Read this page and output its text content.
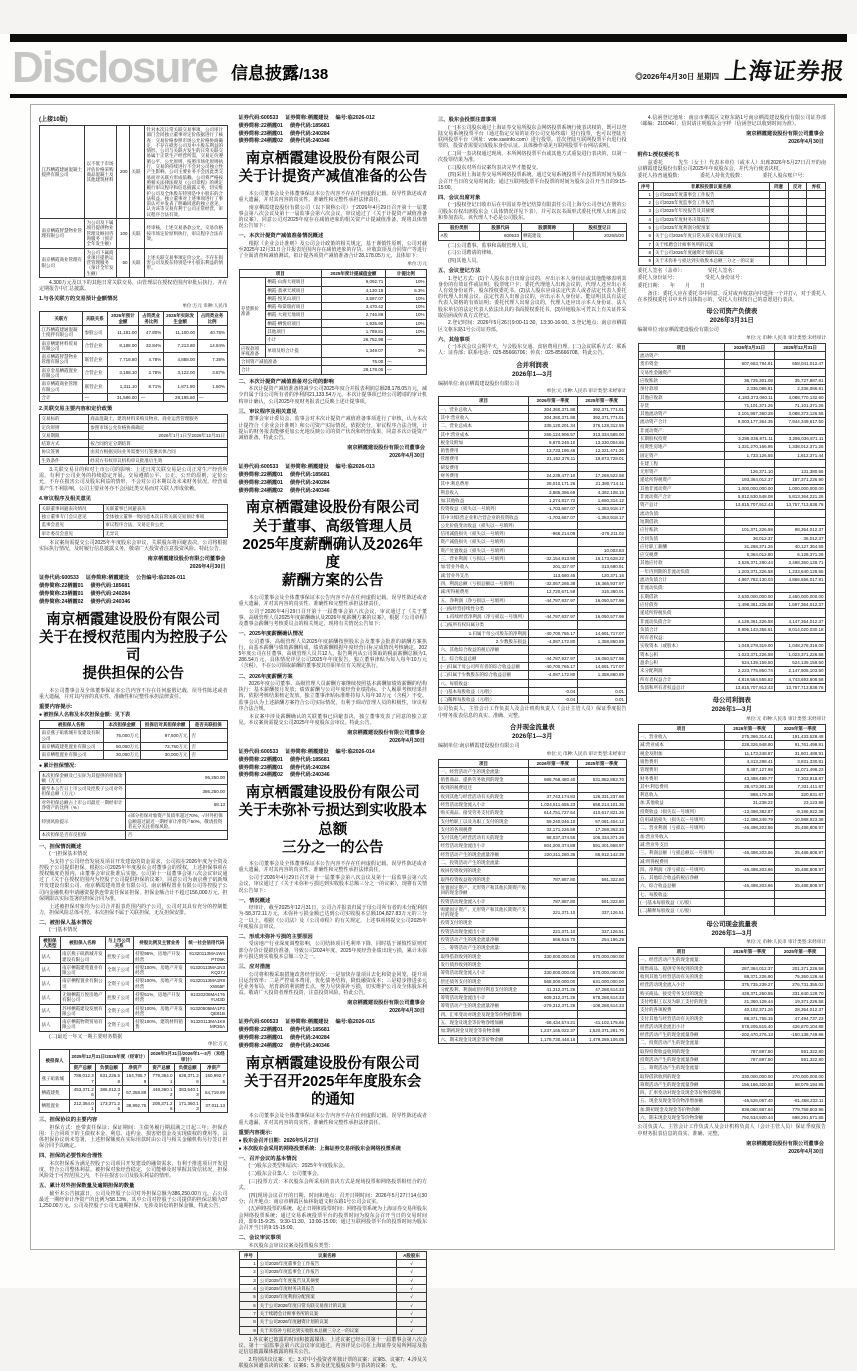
Disclosure 信息披露/138	◎2026年4月30日 星期四 上海证券报
(上接10版)
江苏栖霞建通混凝土搅拌有限公司	以不低于市场评估价格采购商品混凝土及其他建筑材料	200	关联	针对本次日常关联交易事项，公司审计部门会同独立董事对定价依据进行了核查：交易价格参照市场公允价格协商确定，不存在损害公司及中小股东利益的情形。公司与关联方发生的日常关联交易属于正常生产经营所需，交易定价遵循公平、公允原则，按照市场化原则执行，交易的持续进行不会对公司独立性产生影响，公司主要业务不会因此类交易而对关联方形成依赖。公司将严格按照相关法律法规及《公司章程》的规定履行审议程序和信息披露义务，切实维护公司及全体股东特别是中小股东的合法权益。独立董事对上述事项进行了事前认可并发表了明确同意的独立意见，认为该等交易有利于公司正常经营，审议程序合法有效。
南京栖霞智慧物业管理有限公司	为公司及下属项目提供物业管理及顾问咨询服务（预计全年发生额）	100	关联	经审核，上述交易条款公允，交易价格按市场定价原则执行，审议程序合法有效。
南京栖霞商业管理有限公司	为公司下属商业项目提供运营管理服务（预计全年发生额）	50	关联	上述关联交易事项定价公允，不存在损害公司及股东特别是中小股东利益的情形。
　　4.300万元及以下的其他日常关联交易，由管理层在授权范围内审批后执行，并在定期报告中汇总披露。
1.与各关联方的交易预计金额情况
单位:万元 币种:人民币
关联方	关联关系	2026年预计金额	占同类业务比例	2025年实际发生金额	占同类业务比例
江苏栖霞建通混凝土搅拌有限公司	参股公司	11,181.00	47.80%	11,100.00	40.78%
南京栖建材料贸易有限公司	合营企业	8,188.00	32.84%	7,213.80	14.84%
南京栖霞智慧物业管理有限公司	联营企业	7,718.80	4.78%	4,888.00	7.38%
南京金基栖霞置业有限公司	合营企业	3,188.10	2.78%	3,122.00	3.87%
南京栖霞商业管理有限公司	联营企业	1,311.10	8.71%	1,871.80	1.80%
合计	—	31,586.00	—	28,195.60	—
2.关联交易主要内容和定价政策
交易标的	商品混凝土、建筑材料采购及物业、商业运营管理服务
定价原则	参照市场公允价格协商确定
交易期限	2026年1月1日至2026年12月31日
结算方式	按合同约定分期结算
协议签署	由双方根据实际业务需要另行签署具体合同
生效条件	经双方有权审议机构审议批准后生效
　　3.关联交易目的和对上市公司的影响：上述日常关联交易是公司正常生产经营所需，有利于公司业务的持续稳定开展。交易遵循公平、公正、公开的原则，定价公允，不存在损害公司及股东利益的情形，不会对公司本期以及未来财务状况、经营成果产生不利影响，公司主要业务亦不会因此类交易而对关联人形成依赖。
4.审议程序及相关意见
关联董事回避表决情况	关联董事已回避表决
独立董事专门会议意见	全体独立董事一致同意本次日常关联交易预计事项
监事会意见	审议程序合法，交易定价公允
审计委员会意见	无异议
　　本议案尚需提交公司2025年年度股东会审议，关联股东将回避表决。公司将根据实际执行情况，及时履行信息披露义务，敬请广大投资者注意投资风险。特此公告。
南京栖霞建设股份有限公司董事会
2026年4月30日
证券代码:600533 证券简称:栖霞建设 公告编号:临2026-011
债券简称:22栖霞01 债券代码:185681
债券简称:23栖霞01 债券代码:240284
债券简称:24栖霞02 债券代码:240346
南京栖霞建设股份有限公司
关于在授权范围内为控股子公司
提供担保的公告
　　本公司董事会及全体董事保证本公告内容不存在任何虚假记载、误导性陈述或者重大遗漏，并对其内容的真实性、准确性和完整性承担法律责任。
重要内容提示:
● 被担保人名称及本次担保金额：见下表
被担保人名称	本次担保金额	担保后对其担保余额	是否关联担保
南京燕子矶新城开发建设有限公司	76,000万元	97,500万元	否
南京栖霞建苑置业有限公司	50,000万元	72,750万元	否
南京栖程置业有限公司	30,000万元	30,000万元	否
● 累计担保情况：
本次担保金额及已实际为其提供的担保余额（万元）	96,250.00
截至本公告日上市公司及控股子公司对外担保总额（万元）	386,250.00
对外担保总额占上市公司最近一期经审计净资产的比例（%）	58.13
特别风险提示	√部分担保对象资产负债率超过70%；√对外担保总额超过最近一期经审计净资产50%。敬请投资者充分关注担保风险。
本次担保是否有反担保	否
一、担保情况概述
　　(一)担保基本情况
　　为支持子公司经营发展及项目开发建设的资金需求，公司拟在2026年度为全资及控股子公司提供担保。根据公司2025年年度股东会对董事会的授权，上述担保事项在授权额度范围内，由董事会审议批准后实施。公司第十一届董事会第八次会议审议通过了《关于在授权范围内为控股子公司提供担保的议案》，同意公司为南京燕子矶新城开发建设有限公司、南京栖霞建苑置业有限公司、南京栖程置业有限公司等控股子公司向金融机构申请融资提供连带责任保证担保，担保金额合计不超过156,000万元，担保期限以实际签署的担保合同为准。
　　上述被担保对象均为公司合并报表范围内的子公司，公司对其具有充分的控制能力，担保风险总体可控。本次担保不属于关联担保，无反担保安排。
二、被担保人基本情况
　　(一)基本情况
被担保人类型	被担保人名称	与上市公司关系	持股比例及主营业务	统一社会信用代码
法人	南京燕子矶新城开发建设有限公司	控股子公司	持股95%，房地产开发经营	91320113MA1W4PT09K
法人	南京栖霞建苑置业有限公司	全资子公司	持股100%，房地产开发经营	91320113MA1N3KQ27J
法人	南京栖程置业有限公司	全资子公司	持股100%，房地产开发经营	91320113MA1R8XW65F
法人	无锡栖霞万悦房地产有限公司	控股子公司	持股51%，房地产开发经营	91320206MA1T6YU43D
法人	苏州栖霞建设发展有限公司	全资子公司	持股100%，房地产开发经营	91320505MA1P2QE81B
法人	南京栖霞物资贸易有限公司	全资子公司	持股100%，建筑材料销售	91320113MA1K9MR36A
　　(二)最近一年又一期主要财务数据
单位:万元
被担保人	2025年12月31日/2025年度（经审计）			2026年3月31日/2026年1—3月（未经审计）		
	资产总额	负债总额	净资产	资产总额	负债总额	净资产
燕子矶新城	786,012.37	631,226.58	154,785.79	779,364.01	628,371.26	150,992.75
栖霞建苑	453,371.26	386,012.37	67,358.89	448,360.12	383,640.13	64,719.99
栖程置业	212,364.01	173,371.26	38,992.75	208,371.26	171,360.13	37,011.13
三、担保协议的主要内容
　　担保方式：连带责任保证；保证期间：主债务履行期届满之日起三年；担保范围：主合同项下的主债权本金、利息、违约金、损害赔偿金及实现债权的费用等。具体担保协议尚未签署，上述担保额度在实际用款时由公司与相关金融机构另行签订担保合同予以确定。
四、担保的必要性和合理性
　　本次担保系为满足控股子公司项目开发建设的融资需求，有利于推进项目开发进度，符合公司整体利益。被担保对象经营稳定，公司能够及时掌握其资信状况，担保风险处于可控范围之内，不存在损害公司及股东利益的情形。
五、累计对外担保数量及逾期担保的数量
　　截至本公告披露日，公司及控股子公司对外担保总额为386,250.00万元，占公司最近一期经审计净资产的比例为58.13%，其中公司对控股子公司提供的担保总额为371,250.00万元。公司及控股子公司无逾期担保，无涉及诉讼的担保金额。特此公告。
证券代码:600533 证券简称:栖霞建设 编号:临2026-012
债券简称:22栖霞01 债券代码:185681
债券简称:23栖霞01 债券代码:240284
债券简称:24栖霞02 债券代码:240346
南京栖霞建设股份有限公司
关于计提资产减值准备的公告
　　本公司董事会及全体董事保证本公告内容不存在任何虚假记载、误导性陈述或者重大遗漏，并对其内容的真实性、准确性和完整性承担法律责任。
　　南京栖霞建设股份有限公司（以下简称公司）于2026年4月29日召开第十一届董事会第八次会议及第十一届监事会第六次会议，审议通过了《关于计提资产减值准备的议案》，同意公司对2025年度存在减值迹象的相关资产计提减值准备，现将具体情况公告如下：
一、本次计提资产减值准备情况概述
　　根据《企业会计准则》及公司会计政策的相关规定，基于谨慎性原则，公司对截至2025年12月31日合并报表范围内存在减值迹象的存货、应收款项及合同资产等进行了全面清查和减值测试，拟计提各项资产减值准备合计28,178.05万元，具体如下：
单位:万元
项目		2025年度计提减值金额	计提比例
存货跌价准备	栖霞·山海大观项目	9,092.71	10%
	栖霞·翡翠天域项目	4,130.19	6.3%
	栖霞·悦见山项目	3,587.07	10%
	栖霞·和棠瑞府项目	3,470.42	10%
	栖霞·大观天地项目	2,746.88	10%
	栖霞·栖悦府项目	1,935.90	10%
	其他项目	1,789.81	10%
	小计	26,752.98	—
应收款项坏账准备	单项及组合计提	1,349.07	3%
合同资产减值准备		76.00	—
合计		28,178.05	—
二、本次计提资产减值准备对公司的影响
　　本次计提资产减值准备将减少公司2025年度合并报表利润总额28,178.05万元，减少归属于母公司所有者的净利润21,133.54万元。本次计提事项已经公司聘请的审计机构审计确认，公司2025年度财务报表已反映上述计提事项。
三、审议程序及相关意见
　　董事会审计委员会、监事会对本次计提资产减值准备事项进行了审核，认为本次计提符合《企业会计准则》和公司资产实际情况，依据充分，审议程序合法合规，计提后的财务报表能够更加公允地反映公司的资产状况和经营成果，同意本次计提资产减值准备。特此公告。
南京栖霞建设股份有限公司董事会
2026年4月30日
证券代码:600533 证券简称:栖霞建设 编号:临2026-013
债券简称:22栖霞01 债券代码:185681
债券简称:23栖霞01 债券代码:240284
债券简称:24栖霞02 债券代码:240346
南京栖霞建设股份有限公司
关于董事、高级管理人员
2025年度薪酬确认及2026年度
薪酬方案的公告
　　本公司董事会及全体董事保证本公告内容不存在任何虚假记载、误导性陈述或者重大遗漏，并对其内容的真实性、准确性和完整性承担法律责任。
　　公司于2026年4月29日召开第十一届董事会第八次会议，审议通过了《关于董事、高级管理人员2025年度薪酬确认及2026年度薪酬方案的议案》。根据《公司章程》及董事会薪酬与考核委员会的相关规定，现将有关情况公告如下：
一、2025年度薪酬确认情况
　　公司董事、高级管理人员2025年度薪酬按照股东会及董事会批准的薪酬方案执行，由基本薪酬与绩效薪酬构成，绩效薪酬根据年度经营目标完成情况考核确定。2025年度公司在任董事、高级管理人员共12人，报告期内从公司领取的税前薪酬总额为1,286.54万元，具体情况详见公司2025年年度报告。独立董事津贴为每人每年10万元（含税），不在公司领取薪酬的董事按其任职单位有关规定执行。
二、2026年度薪酬方案
　　2026年度公司董事、高级管理人员薪酬方案继续按照基本薪酬加绩效薪酬的结构执行：基本薪酬按月发放；绩效薪酬与公司年度经营业绩指标、个人履职考核结果挂钩，依据考核结果核定发放。独立董事津贴标准维持每人每年10万元（含税）不变。监事会认为上述薪酬方案符合公司实际情况，有利于调动管理人员的积极性，审议程序合法合规。
　　本议案中涉及薪酬确认的关联董事已回避表决，独立董事发表了同意的独立意见。本议案尚需提交公司2025年年度股东会审议。特此公告。
南京栖霞建设股份有限公司董事会
2026年4月30日
证券代码:600533 证券简称:栖霞建设 编号:临2026-014
债券简称:22栖霞01 债券代码:185681
债券简称:23栖霞01 债券代码:240284
债券简称:24栖霞02 债券代码:240346
南京栖霞建设股份有限公司
关于未弥补亏损达到实收股本总额
三分之一的公告
　　本公司董事会及全体董事保证本公告内容不存在任何虚假记载、误导性陈述或者重大遗漏，并对其内容的真实性、准确性和完整性承担法律责任。
　　公司于2026年4月29日召开第十一届董事会第八次会议及第十一届监事会第六次会议，审议通过了《关于未弥补亏损达到实收股本总额三分之一的议案》，现将有关情况公告如下：
一、情况概述
　　经审计，截至2025年12月31日，公司合并报表归属于母公司所有者的未分配利润为-58,372.11万元，未弥补亏损金额已达到公司实收股本总额104,827.83万元的三分之一以上。根据《公司法》及《公司章程》的有关规定，上述事项将提交公司2025年年度股东会审议。
二、形成未弥补亏损的主要原因
　　受房地产行业深度调整影响，公司结转项目毛利率下降，同时基于谨慎性原则对部分存货计提跌价准备，导致公司2024年度、2025年度经营业绩出现亏损，累计未弥补亏损达到实收股本总额三分之一。
三、应对措施
　　公司将积极采取措施改善经营状况：一是加快存量项目去化和资金回笼，提升项目运营效率；二是严控成本费用，优化债务结构，降低融资成本；三是稳步推进多元化业务布局，培育新的利润增长点，努力尽快弥补亏损，切实维护公司及全体股东利益。敬请广大投资者理性投资，注意投资风险。特此公告。
南京栖霞建设股份有限公司董事会
2026年4月30日
证券代码:600533 证券简称:栖霞建设 编号:临2026-015
债券简称:22栖霞01 债券代码:185681
债券简称:23栖霞01 债券代码:240284
债券简称:24栖霞02 债券代码:240346
南京栖霞建设股份有限公司
关于召开2025年年度股东会的通知
　　本公司董事会及全体董事保证本公告内容不存在任何虚假记载、误导性陈述或者重大遗漏，并对其内容的真实性、准确性和完整性承担法律责任。
重要内容提示:
● 股东会召开日期：2026年5月27日
● 本次股东会采用的网络投票系统：上海证券交易所股东会网络投票系统
一、召开会议的基本情况
　　(一)股东会类型和届次：2025年年度股东会。
　　(二)股东会召集人：公司董事会。
　　(三)投票方式：本次股东会所采用的表决方式是现场投票和网络投票相结合的方式。
　　(四)现场会议召开的日期、时间和地点：召开日期时间：2026年5月27日14点30分；召开地点：南京市栖霞区仙林街道文枢东路1号公司会议室。
　　(五)网络投票的系统、起止日期和投票时间：网络投票系统为上海证券交易所股东会网络投票系统；通过交易系统投票平台的投票时间为股东会召开当日的交易时间段，即9:15-9:25、9:30-11:30、13:00-15:00；通过互联网投票平台的投票时间为股东会召开当日的9:15-15:00。
二、会议审议事项
　　本次股东会审议议案及投票股东类型：
序号	议案名称	A股股东
1	公司2025年度董事会工作报告	√
2	公司2025年度监事会工作报告	√
3	公司2025年年度报告及其摘要	√
4	公司2025年度财务决算报告	√
5	公司2025年度利润分配预案	√
6	关于公司2026年度日常关联交易预计的议案	√
7	关于续聘会计师事务所的议案	√
8	关于公司2026年度融资计划的议案	√
9	关于未弥补亏损达到实收股本总额三分之一的议案	√
　　1.各议案已披露的时间和披露媒体：上述议案已经公司第十一届董事会第八次会议、第十一届监事会第六次会议审议通过，内容详见公司在上海证券交易所网站及指定信息披露媒体披露的相关公告。
　　2.特别决议议案：无；3.对中小投资者单独计票的议案：议案5、议案7；4.涉及关联股东回避表决的议案：议案6；5.涉及优先股股东参与表决的议案：无。
三、股东会投票注意事项
　　(一)本公司股东通过上海证券交易所股东会网络投票系统行使表决权的，既可以登陆交易系统投票平台（通过指定交易的证券公司交易终端）进行投票，也可以登陆互联网投票平台（网址：vote.sseinfo.com）进行投票。首次登陆互联网投票平台进行投票的，投资者需要完成股东身份认证。具体操作请见互联网投票平台网站说明。
　　(二)同一表决权通过现场、本所网络投票平台或其他方式重复进行表决的，以第一次投票结果为准。
　　(三)股东对所有议案均表决完毕才能提交。
　　(四)采用上海证券交易所网络投票系统，通过交易系统投票平台投票的时间为股东会召开当日的交易时间段；通过互联网投票平台投票的时间为股东会召开当日的9:15-15:00。
四、会议出席对象
　　(一)股权登记日收市后在中国证券登记结算有限责任公司上海分公司登记在册的公司股东有权出席股东会（具体情况详见下表），并可以以书面形式委托代理人出席会议和参加表决。该代理人不必是公司股东。
股份类别	股票代码	股票简称	股权登记日
A股	600533	栖霞建设	2026/5/20
　　(二)公司董事、监事和高级管理人员。
　　(三)公司聘请的律师。
　　(四)其他人员。
五、会议登记方法
　　1.登记方式：(1)个人股东亲自出席会议的，应出示本人身份证或其他能够表明其身份的有效证件或证明、股票账户卡；委托代理他人出席会议的，代理人还应出示本人有效身份证件、股东授权委托书。(2)法人股东应由法定代表人或者法定代表人委托的代理人出席会议。法定代表人出席会议的，应出示本人身份证、能证明其具有法定代表人资格的有效证明；委托代理人出席会议的，代理人还应出示本人身份证、法人股东单位的法定代表人依法出具的书面授权委托书。(3)异地股东可凭以上有关证件采取信函或传真方式登记。
　　2.登记时间：2026年5月26日9:00-11:30，13:30-16:00。3.登记地点：南京市栖霞区文枢东路1号公司证券部。
六、其他事项
　　(一)本次会议会期半天，与会股东交通、食宿费用自理。(二)会议联系方式：联系人：证券部；联系电话：025-85666706；传真：025-85666708。特此公告。
合并利润表
2026年1—3月
编制单位:南京栖霞建设股份有限公司
单位:元 币种:人民币 审计类型:未经审计
项目	2026年第一季度	2025年第一季度
一、营业总收入	304,360,371.88	392,371,771.01
其中:营业收入	304,360,371.88	392,371,771.01
二、营业总成本	335,120,201.34	376,128,312.55
其中:营业成本	266,124,906.57	313,334,585.00
税金及附加	9,870,245.10	13,330,004.66
销售费用	13,733,196.46	12,321,471.30
管理费用	21,152,376.11	19,873,729.01
研发费用		
财务费用	24,239,477.10	17,268,522.58
其中:利息费用	28,010,171.26	21,380,714.11
利息收入	3,885,396.69	4,392,108.15
加:其他收益	1,274,817.72	1,650,314.12
投资收益（损失以－号填列）	-1,703,687.07	-1,353,918.17
其中:对联营企业和合营企业的投资收益	-1,703,687.07	-1,353,918.17
公允价值变动收益（损失以－号填列）		
信用减值损失（损失以－号填列）	-966,214.09	-376,211.02
资产减值损失（损失以－号填列）		
资产处置收益（损失以－号填列）		10,003.83
三、营业利润（亏损以－号填列）	-32,154,913.90	16,173,628.22
加:营业外收入	201,327.97	313,680.91
减:营业外支出	113,680.45	120,371.16
四、利润总额（亏损总额以－号填列）	-32,067,266.38	16,366,937.97
减:所得税费用	12,720,671.59	316,360.01
五、净利润（净亏损以－号填列）	-44,787,937.97	16,050,577.96
(一)按经营持续性分类		
1.持续经营净利润（净亏损以－号填列）	-44,787,937.97	16,050,577.96
(二)按所有权归属分类		
1.归属于母公司股东的净利润	-40,700,765.17	14,691,717.07
2.少数股东损益	-4,087,172.80	1,358,860.89
六、其他综合收益的税后净额		
七、综合收益总额	-44,787,937.97	16,050,577.96
(一)归属于母公司所有者的综合收益总额	-40,700,765.17	14,691,717.07
(二)归属于少数股东的综合收益总额	-4,087,172.80	1,358,860.89
八、每股收益:		
(一)基本每股收益（元/股）	-0.04	0.01
(二)稀释每股收益（元/股）	-0.04	0.01
公司负责人、主管会计工作负责人及会计机构负责人（会计主管人员）保证季度报告中财务报表信息的真实、准确、完整。
合并现金流量表
2026年1—3月
编制单位:南京栖霞建设股份有限公司
单位:元 币种:人民币 审计类型:未经审计
项目	2026年第一季度	2025年第一季度
一、经营活动产生的现金流量:		
销售商品、提供劳务收到的现金	986,768,480.40	531,882,863.70
收到的税费返还		
收到其他与经营活动有关的现金	37,743,174.83	126,331,237.66
经营活动现金流入小计	1,024,511,655.23	658,214,101.36
购买商品、接受劳务支付的现金	614,751,727.64	410,617,821.26
支付给职工以及为职工支付的现金	59,240,046.10	57,081,404.12
支付的各项税费	32,171,226.59	17,268,362.33
支付其他与经营活动有关的现金	98,037,374.55	106,334,371.26
经营活动现金流出小计	804,200,374.88	591,301,958.97
经营活动产生的现金流量净额	220,311,280.35	66,912,142.39
二、投资活动产生的现金流量:		
收回投资收到的现金		
取得投资收益收到的现金	787,887.80	591,322.80
处置固定资产、无形资产和其他长期资产收回的现金净额		
投资活动现金流入小计	787,887.80	591,322.80
购建固定资产、无形资产和其他长期资产支付的现金	221,371.10	337,126.51
投资支付的现金		
投资活动现金流出小计	221,371.10	337,126.51
投资活动产生的现金流量净额	566,516.70	254,196.29
三、筹资活动产生的现金流量:		
取得借款收到的现金	330,000,000.00	570,000,000.00
发行债券收到的现金		
筹资活动现金流入小计	330,000,000.00	570,000,000.00
偿还债务支付的现金	568,000,000.00	631,000,000.00
分配股利、利润或偿付利息支付的现金	41,312,371.26	47,268,514.33
筹资活动现金流出小计	609,312,371.26	678,268,514.33
筹资活动产生的现金流量净额	-279,312,371.26	-108,268,514.33
四、汇率变动对现金及现金等价物的影响		
五、现金及现金等价物净增加额	-58,434,574.21	-41,102,175.65
加:期初现金及现金等价物余额	1,237,165,022.37	1,520,371,281.70
六、期末现金及现金等价物余额	1,178,730,448.16	1,479,269,106.05
　　4.信函登记地址：南京市栖霞区文枢东路1号南京栖霞建设股份有限公司证券部（邮编：210046），信封请注明股东会字样（信函登记以收到时间为准）。
南京栖霞建设股份有限公司董事会
2026年4月30日
附件1:授权委托书
　　兹委托　　　先生（女士）代表本单位（或本人）出席2026年5月27日召开的南京栖霞建设股份有限公司2025年年度股东会，并代为行使表决权。
委托人持普通股数：　　　　委托人持优先股数：　　　　委托人股东账户号：
序号	非累积投票议案名称	同意	反对	弃权
1	公司2025年度董事会工作报告			
2	公司2025年度监事会工作报告			
3	公司2025年年度报告及其摘要			
4	公司2025年度财务决算报告			
5	公司2025年度利润分配预案			
6	关于公司2026年度日常关联交易预计的议案			
7	关于续聘会计师事务所的议案			
8	关于公司2026年度融资计划的议案			
9	关于未弥补亏损达到实收股本总额三分之一的议案			
委托人签名（盖章）：　　　　　受托人签名：
委托人身份证号：　　　　　　受托人身份证号：
委托日期：　　年　　月　　日
　　备注：委托人应在委托书中同意、反对或弃权意向中选择一个并打√，对于委托人在本授权委托书中未作具体指示的，受托人有权按自己的意愿进行表决。
母公司资产负债表
2026年3月31日
编制单位:南京栖霞建设股份有限公司
单位:元 币种:人民币 审计类型:未经审计
项目	2026年3月31日	2025年12月31日
流动资产:		
货币资金	607,653,784.81	658,041,012.47
交易性金融资产		
应收账款	36,725,301.08	35,727,887.81
预付款项	2,336,086.81	2,336,086.81
其他应收款	4,183,373,060.11	4,088,770,132.60
存货	71,101,371.26	71,101,371.26
其他流动资产	3,101,987,360.28	3,088,373,126.55
流动资产合计	8,003,177,364.35	7,944,349,617.50
非流动资产:		
长期股权投资	3,286,036,871.11	3,286,036,871.11
投资性房地产	1,331,270,166.95	1,338,012,371.26
固定资产	1,733,126.55	1,812,371.44
在建工程		
无形资产	126,371.10	131,380.55
递延所得税资产	193,364,012.37	187,371,226.90
其他非流动资产	1,000,000,000.00	1,000,000,000.00
非流动资产合计	5,812,530,548.08	5,813,364,221.26
资产总计	13,815,707,912.43	13,757,713,838.76
流动负债:		
短期借款		
应付账款	101,371,226.58	98,364,012.37
合同负债	36,012.37	36,012.37
应付职工薪酬	31,268,371.26	40,127,364.55
应交税费	5,364,012.80	6,128,371.26
其他应付款	3,526,371,280.44	3,488,360,128.71
一年内到期的非流动负债	1,203,371,226.58	1,233,640,128.55
流动负债合计	4,867,782,130.03	4,866,656,017.81
非流动负债:		
长期借款	2,630,000,000.00	2,450,000,000.00
应付债券	1,498,361,226.58	1,697,364,012.37
递延所得税负债		
非流动负债合计	4,128,361,226.58	4,147,364,012.37
负债合计	8,996,143,356.61	9,014,020,030.18
所有者权益:		
实收资本（或股本）	1,048,278,319.00	1,048,278,319.00
资本公积	1,023,371,226.58	1,023,371,226.58
盈余公积	524,139,159.50	524,139,159.50
未分配利润	2,223,775,850.74	2,147,905,103.50
所有者权益合计	4,819,564,555.82	4,743,693,808.58
负债和所有者权益总计	13,815,707,912.43	13,757,713,838.76
母公司利润表
2026年1—3月
单位:元 币种:人民币 审计类型:未经审计
项目	2026年第一季度	2025年第一季度
一、营业收入	275,366,314.41	191,433,528.48
减:营业成本	228,326,948.80	91,761,498.91
税金及附加	11,173,248.87	31,801,488.91
销售费用	4,413,298.41	3,831,330.81
管理费用	8,487,127.98	11,071,498.23
财务费用	43,498,499.77	7,303,918.87
其中:利息费用	28,473,301.18	7,331,411.87
利息收入	988,179.38	320,831.87
加:其他收益	31,238.22	23,123.98
投资收益（损失以－号填列）	-13,498,382.87	-9,186,922.38
信用减值损失（损失以－号填列）	-12,498,249.79	-10,988,923.38
二、营业利润（亏损以－号填列）	-46,498,203.86	25,488,808.97
加:营业外收入		
减:营业外支出		
三、利润总额（亏损总额以－号填列）	-46,498,203.86	25,488,808.97
减:所得税费用		
四、净利润（净亏损以－号填列）	-46,498,203.86	25,488,808.97
五、其他综合收益的税后净额		
六、综合收益总额	-46,498,203.86	25,488,808.97
七、每股收益:		
(一)基本每股收益（元/股）		
(二)稀释每股收益（元/股）		
母公司现金流量表
2026年1—3月
单位:元 币种:人民币 审计类型:未经审计
项目	2026年第一季度	2025年第一季度
一、经营活动产生的现金流量:		
销售商品、提供劳务收到的现金	287,364,012.37	201,371,226.58
收到其他与经营活动有关的现金	88,371,226.90	75,360,128.44
经营活动现金流入小计	375,735,239.27	276,731,355.02
购买商品、接受劳务支付的现金	428,371,260.55	331,640,128.70
支付给职工以及为职工支付的现金	21,360,128.44	19,371,226.58
支付的各项税费	40,102,371.26	28,364,012.37
支付其他与经营活动有关的现金	88,371,755.15	47,494,737.23
经营活动现金流出小计	578,205,515.40	426,870,104.88
经营活动产生的现金流量净额	-202,470,276.13	-150,138,749.86
二、投资活动产生的现金流量:		
取得投资收益收到的现金	787,887.80	591,322.80
投资活动产生的现金流量净额	787,887.80	591,322.80
三、筹资活动产生的现金流量:		
取得借款收到的现金	330,000,000.00	270,000,000.00
筹资活动产生的现金流量净额	156,156,320.93	68,079,194.95
四、汇率变动对现金及现金等价物的影响		
五、现金及现金等价物净增加额	-45,526,067.40	-81,468,232.11
加:期初现金及现金等价物余额	838,060,987.84	779,759,803.96
六、期末现金及现金等价物余额	792,534,920.44	698,291,571.85
公司负责人、主管会计工作负责人及会计机构负责人（会计主管人员）保证季度报告中财务报表信息的真实、准确、完整。
南京栖霞建设股份有限公司董事会
2026年4月30日
